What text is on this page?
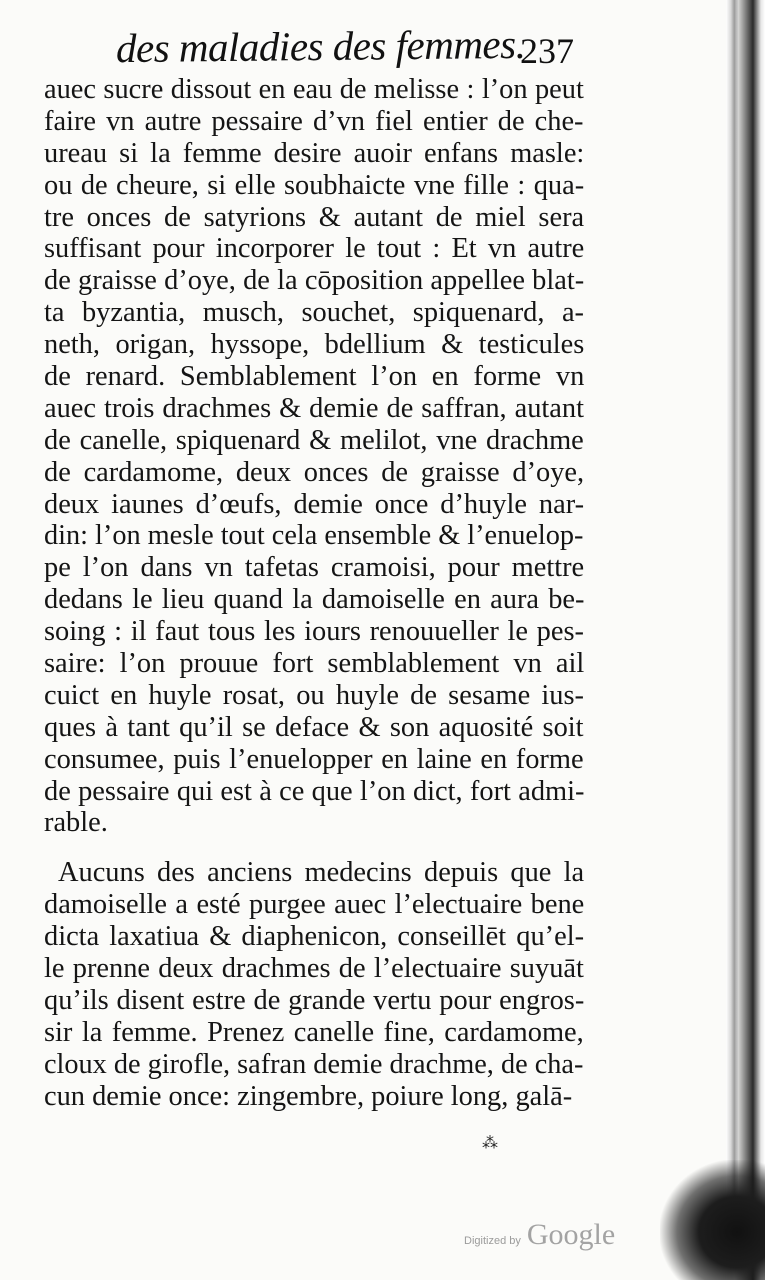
des maladies des femmes.
237
auec sucre dissout en eau de melisse : l’on peut
faire vn autre pessaire d’vn fiel entier de che-
ureau si la femme desire auoir enfans masle:
ou de cheure, si elle soubhaicte vne fille : qua-
tre onces de satyrions & autant de miel sera
suffisant pour incorporer le tout : Et vn autre
de graisse d’oye, de la cōposition appellee blat-
ta byzantia, musch, souchet, spiquenard, a-
neth, origan, hyssope, bdellium & testicules
de renard. Semblablement l’on en forme vn
auec trois drachmes & demie de saffran, autant
de canelle, spiquenard & melilot, vne drachme
de cardamome, deux onces de graisse d’oye,
deux iaunes d’œufs, demie once d’huyle nar-
din: l’on mesle tout cela ensemble & l’enuelop-
pe l’on dans vn tafetas cramoisi, pour mettre
dedans le lieu quand la damoiselle en aura be-
soing : il faut tous les iours renouueller le pes-
saire: l’on prouue fort semblablement vn ail
cuict en huyle rosat, ou huyle de sesame ius-
ques à tant qu’il se deface & son aquosité soit
consumee, puis l’enuelopper en laine en forme
de pessaire qui est à ce que l’on dict, fort admi-
rable.
Aucuns des anciens medecins depuis que la
damoiselle a esté purgee auec l’electuaire bene
dicta laxatiua & diaphenicon, conseillēt qu’el-
le prenne deux drachmes de l’electuaire suyuāt
qu’ils disent estre de grande vertu pour engros-
sir la femme. Prenez canelle fine, cardamome,
cloux de girofle, safran demie drachme, de cha-
cun demie once: zingembre, poiure long, galā-
⁂
Digitized by Google
